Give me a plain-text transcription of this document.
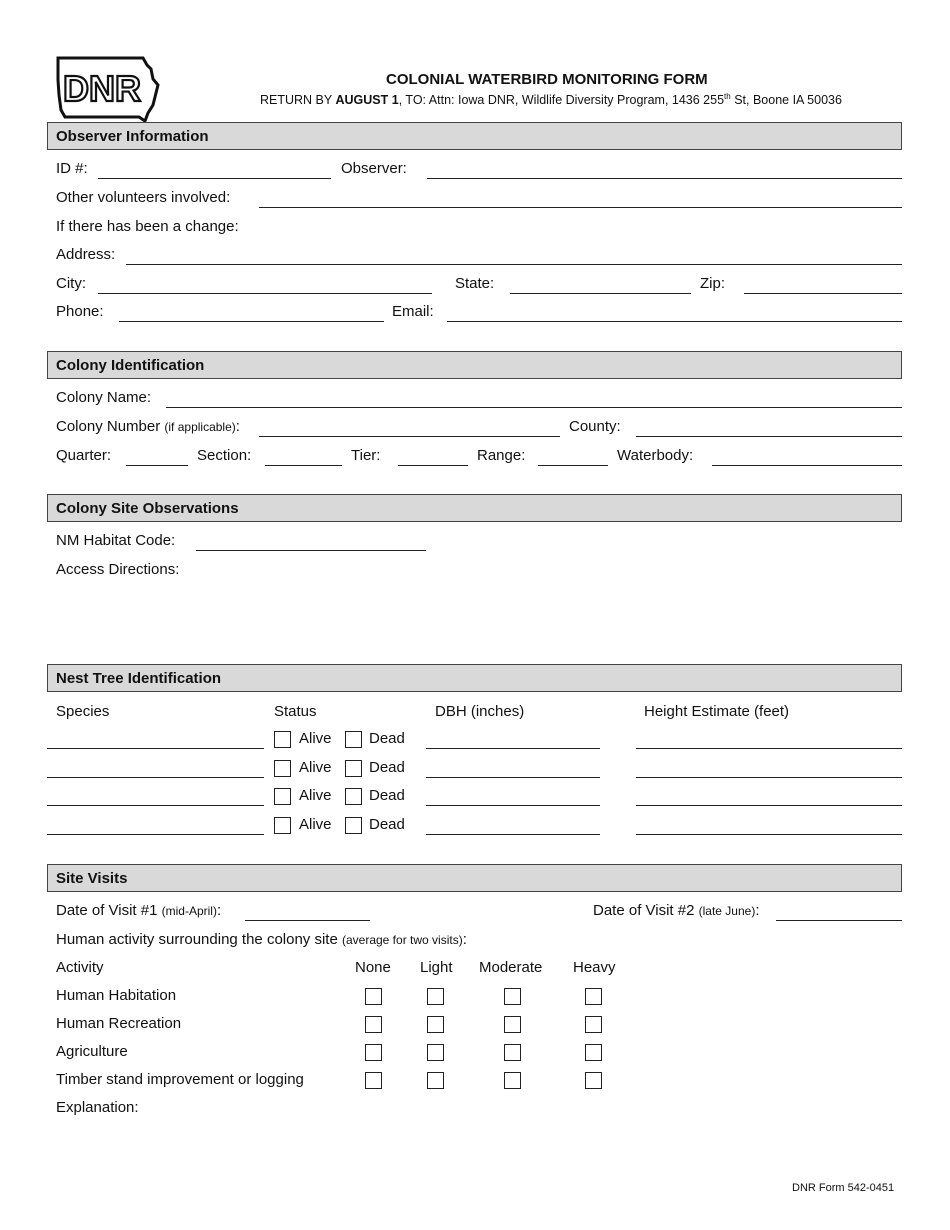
DNR	COLONIAL WATERBIRD MONITORING FORM
RETURN BY AUGUST 1, TO: Attn: Iowa DNR, Wildlife Diversity Program, 1436 255th St, Boone IA 50036
Observer Information
ID #:	Observer:
Other volunteers involved:
If there has been a change:
Address:
City:	State:	Zip:
Phone:	Email:
Colony Identification
Colony Name:
Colony Number (if applicable):	County:
Quarter:	Section:	Tier:	Range:	Waterbody:
Colony Site Observations
NM Habitat Code:
Access Directions:
Nest Tree Identification
Species	Status	DBH (inches)	Height Estimate (feet)
Alive Dead
Alive Dead
Alive Dead
Alive Dead
Site Visits
Date of Visit #1 (mid-April):	Date of Visit #2 (late June):
Human activity surrounding the colony site (average for two visits):
Activity	None Light Moderate Heavy
Human Habitation
Human Recreation
Agriculture
Timber stand improvement or logging
Explanation:
DNR Form 542-0451
